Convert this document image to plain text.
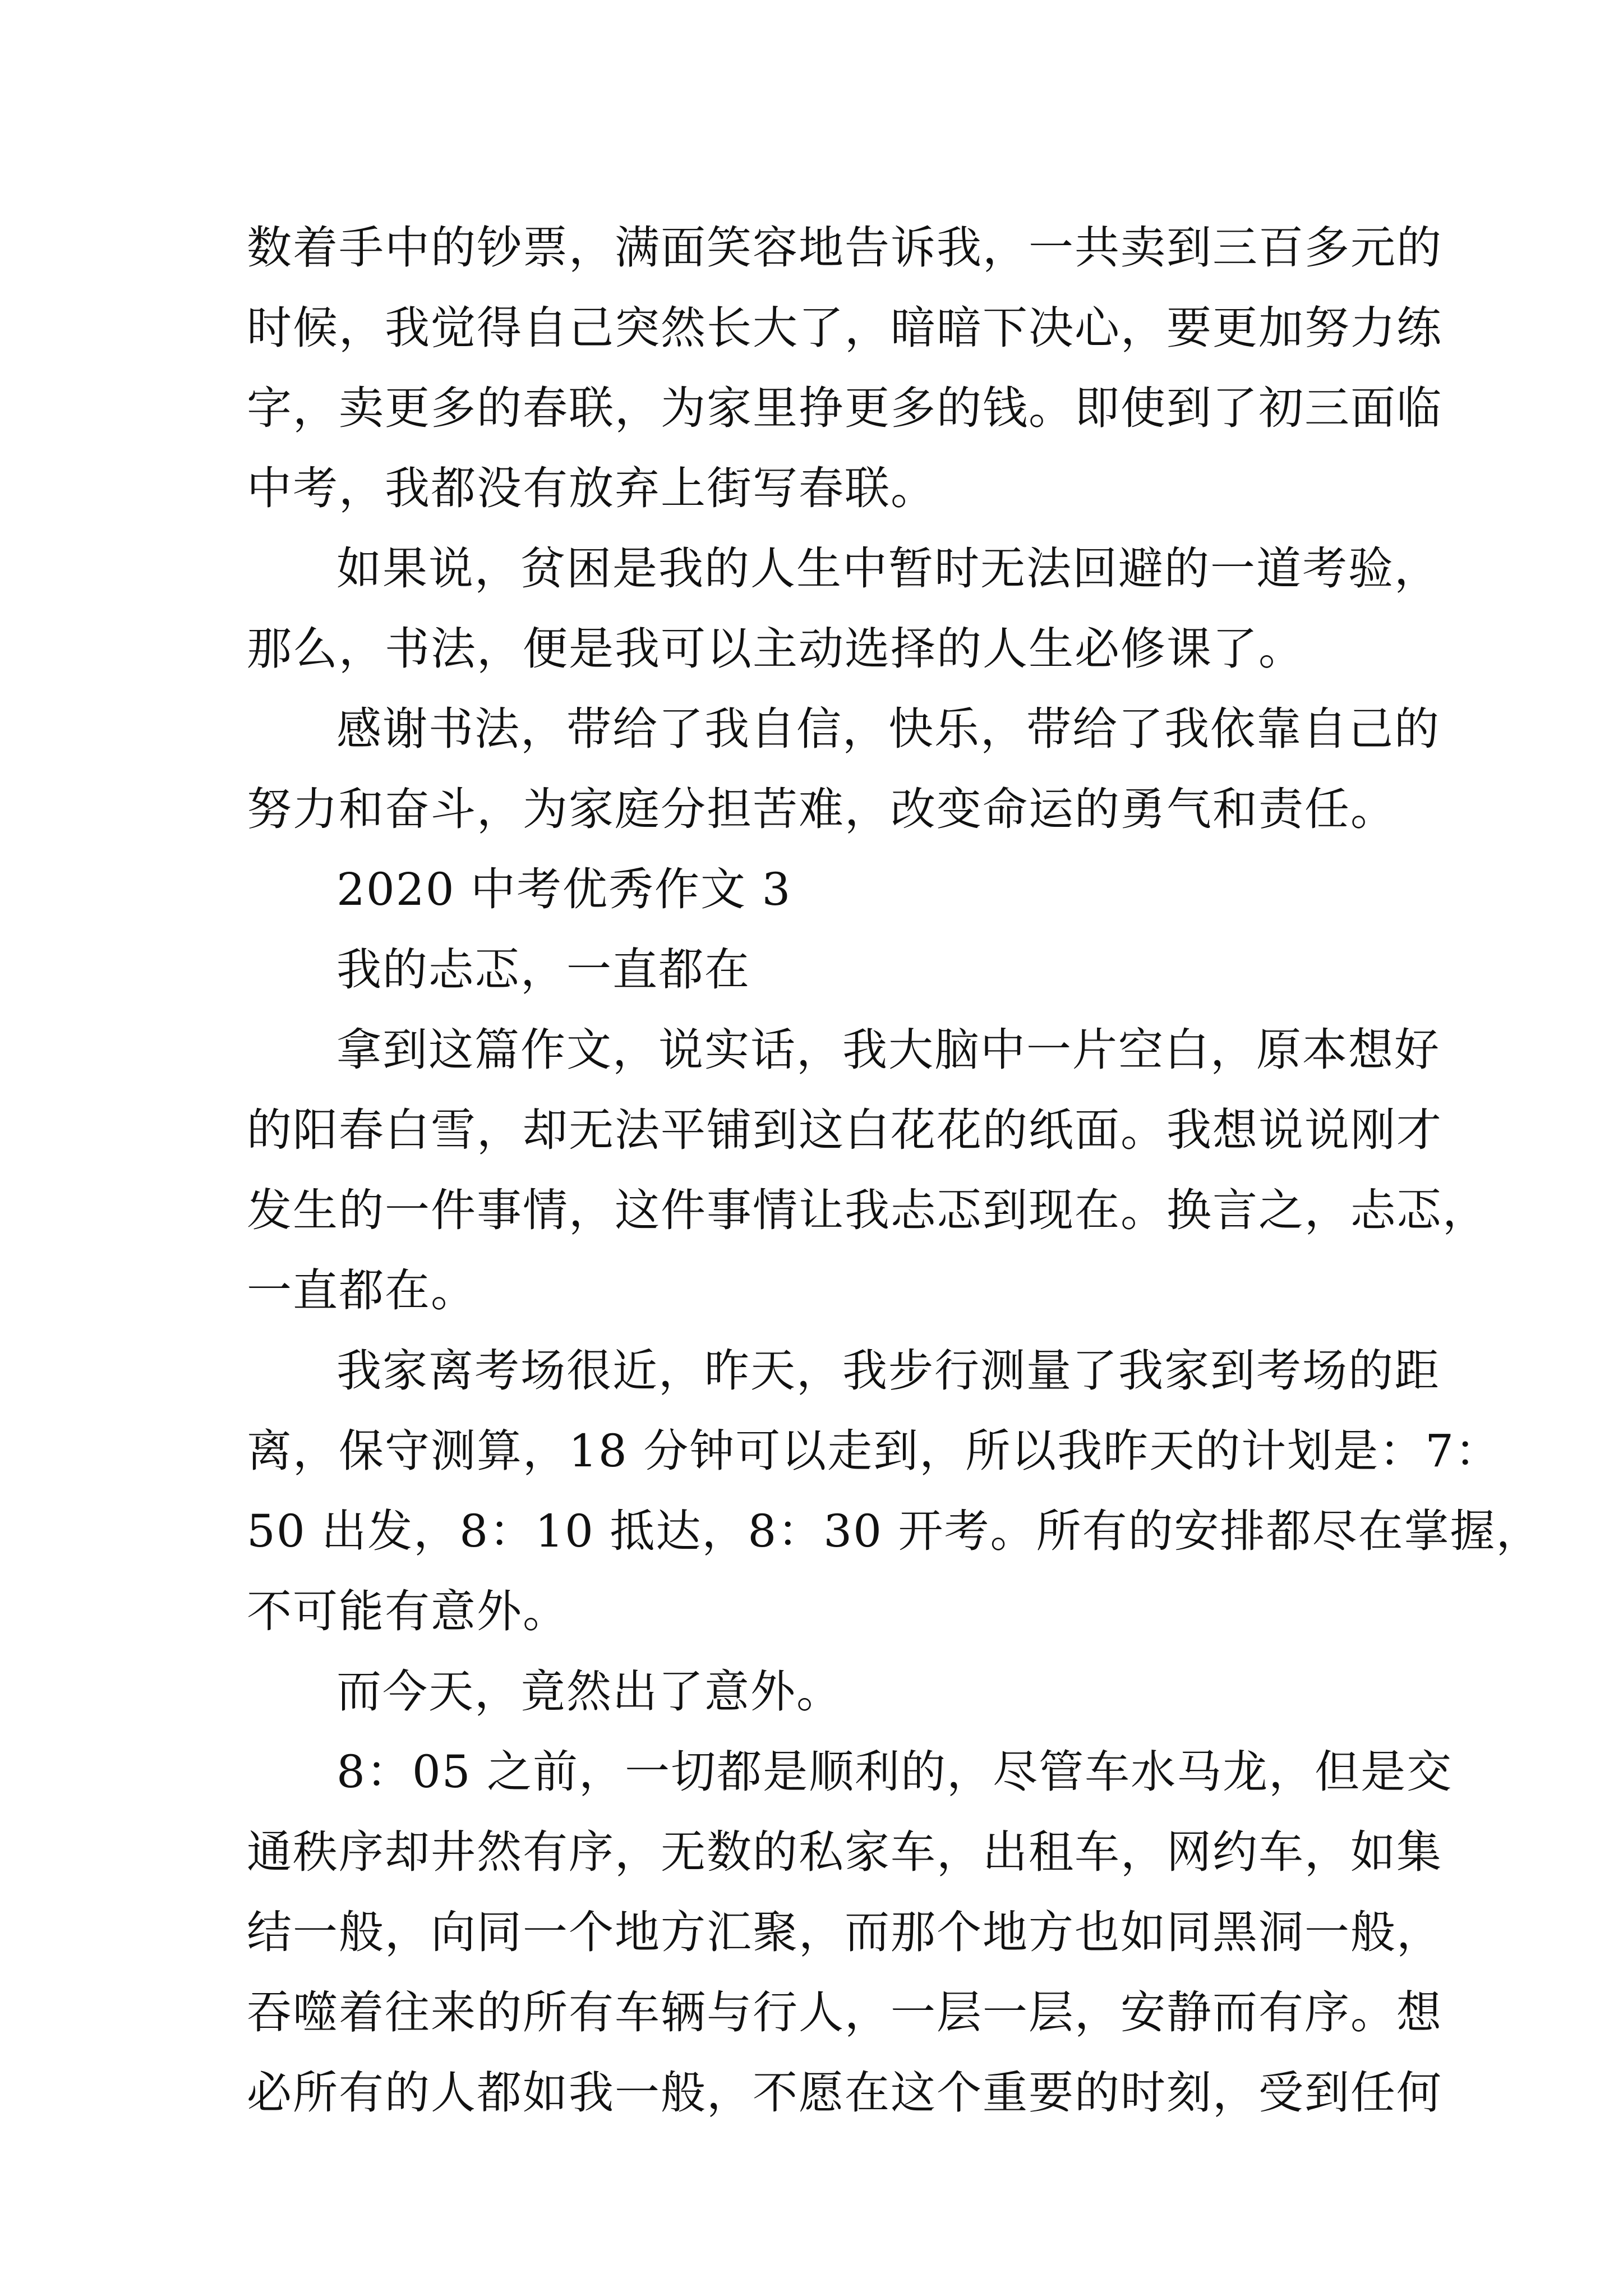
数着手中的钞票，满面笑容地告诉我，一共卖到三百多元的
时候，我觉得自己突然长大了，暗暗下决心，要更加努力练
字，卖更多的春联，为家里挣更多的钱。即使到了初三面临
中考，我都没有放弃上街写春联。
如果说，贫困是我的人生中暂时无法回避的一道考验，
那么，书法，便是我可以主动选择的人生必修课了。
感谢书法，带给了我自信，快乐，带给了我依靠自己的
努力和奋斗，为家庭分担苦难，改变命运的勇气和责任。
2020 中考优秀作文 3
我的忐忑，一直都在
拿到这篇作文，说实话，我大脑中一片空白，原本想好
的阳春白雪，却无法平铺到这白花花的纸面。我想说说刚才
发生的一件事情，这件事情让我忐忑到现在。换言之，忐忑，
一直都在。
我家离考场很近，昨天，我步行测量了我家到考场的距
离，保守测算，18 分钟可以走到，所以我昨天的计划是：7：
50 出发，8：10 抵达，8：30 开考。所有的安排都尽在掌握，
不可能有意外。
而今天，竟然出了意外。
8：05 之前，一切都是顺利的，尽管车水马龙，但是交
通秩序却井然有序，无数的私家车，出租车，网约车，如集
结一般，向同一个地方汇聚，而那个地方也如同黑洞一般，
吞噬着往来的所有车辆与行人，一层一层，安静而有序。想
必所有的人都如我一般，不愿在这个重要的时刻，受到任何
